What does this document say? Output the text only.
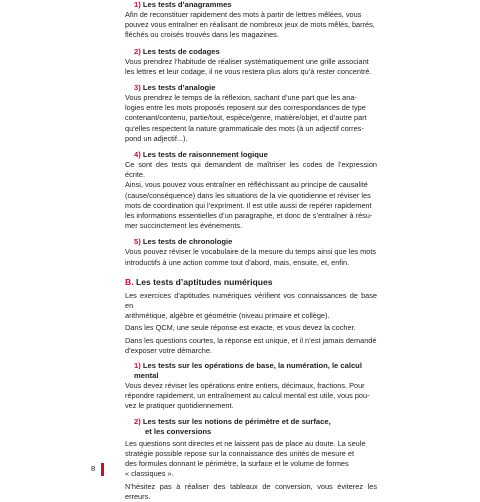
1) Les tests d’anagrammes

Afin de reconstituer rapidement des mots à partir de lettres mêlées, vous

pouvez vous entraîner en réalisant de nombreux jeux de mots mêlés, barrés,

fléchés ou croisés trouvés dans les magazines.

2) Les tests de codages

Vous prendrez l’habitude de réaliser systématiquement une grille associant

les lettres et leur codage, il ne vous restera plus alors qu’à rester concentré.

3) Les tests d’analogie

Vous prendrez le temps de la réflexion, sachant d’une part que les ana-

logies entre les mots proposés reposent sur des correspondances de type

contenant/contenu, partie/tout, espèce/genre, matière/objet, et d’autre part

qu’elles respectent la nature grammaticale des mots (à un adjectif corres-

pond un adjectif...).

4) Les tests de raisonnement logique

Ce sont des tests qui demandent de maîtriser les codes de l’expression écrite.

Ainsi, vous pouvez vous entraîner en réfléchissant au principe de causalité

(cause/conséquence) dans les situations de la vie quotidienne et réviser les

mots de coordination qui l’expriment. Il est utile aussi de repérer rapidement

les informations essentielles d’un paragraphe, et donc de s’entraîner à résu-

mer succinctement les événements.

5) Les tests de chronologie

Vous pouvez réviser le vocabulaire de la mesure du temps ainsi que les mots

introductifs à une action comme tout d’abord, mais, ensuite, et, enfin.

B. Les tests d’aptitudes numériques

Les exercices d’aptitudes numériques vérifient vos connaissances de base en

arithmétique, algèbre et géométrie (niveau primaire et collège).

Dans les QCM, une seule réponse est exacte, et vous devez la cocher.

Dans les questions courtes, la réponse est unique, et il n’est jamais demandé

d’exposer votre démarche.

1) Les tests sur les opérations de base, la numération, le calcul mental

Vous devez réviser les opérations entre entiers, décimaux, fractions. Pour

répondre rapidement, un entraînement au calcul mental est utile, vous pou-

vez le pratiquer quotidiennement.

2) Les tests sur les notions de périmètre et de surface,

et les conversions

Les questions sont directes et ne laissent pas de place au doute. La seule

stratégie possible repose sur la connaissance des unités de mesure et

des formules donnant le périmètre, la surface et le volume de formes

« classiques ».

N’hésitez pas à réaliser des tableaux de conversion, vous éviterez les erreurs.

8
